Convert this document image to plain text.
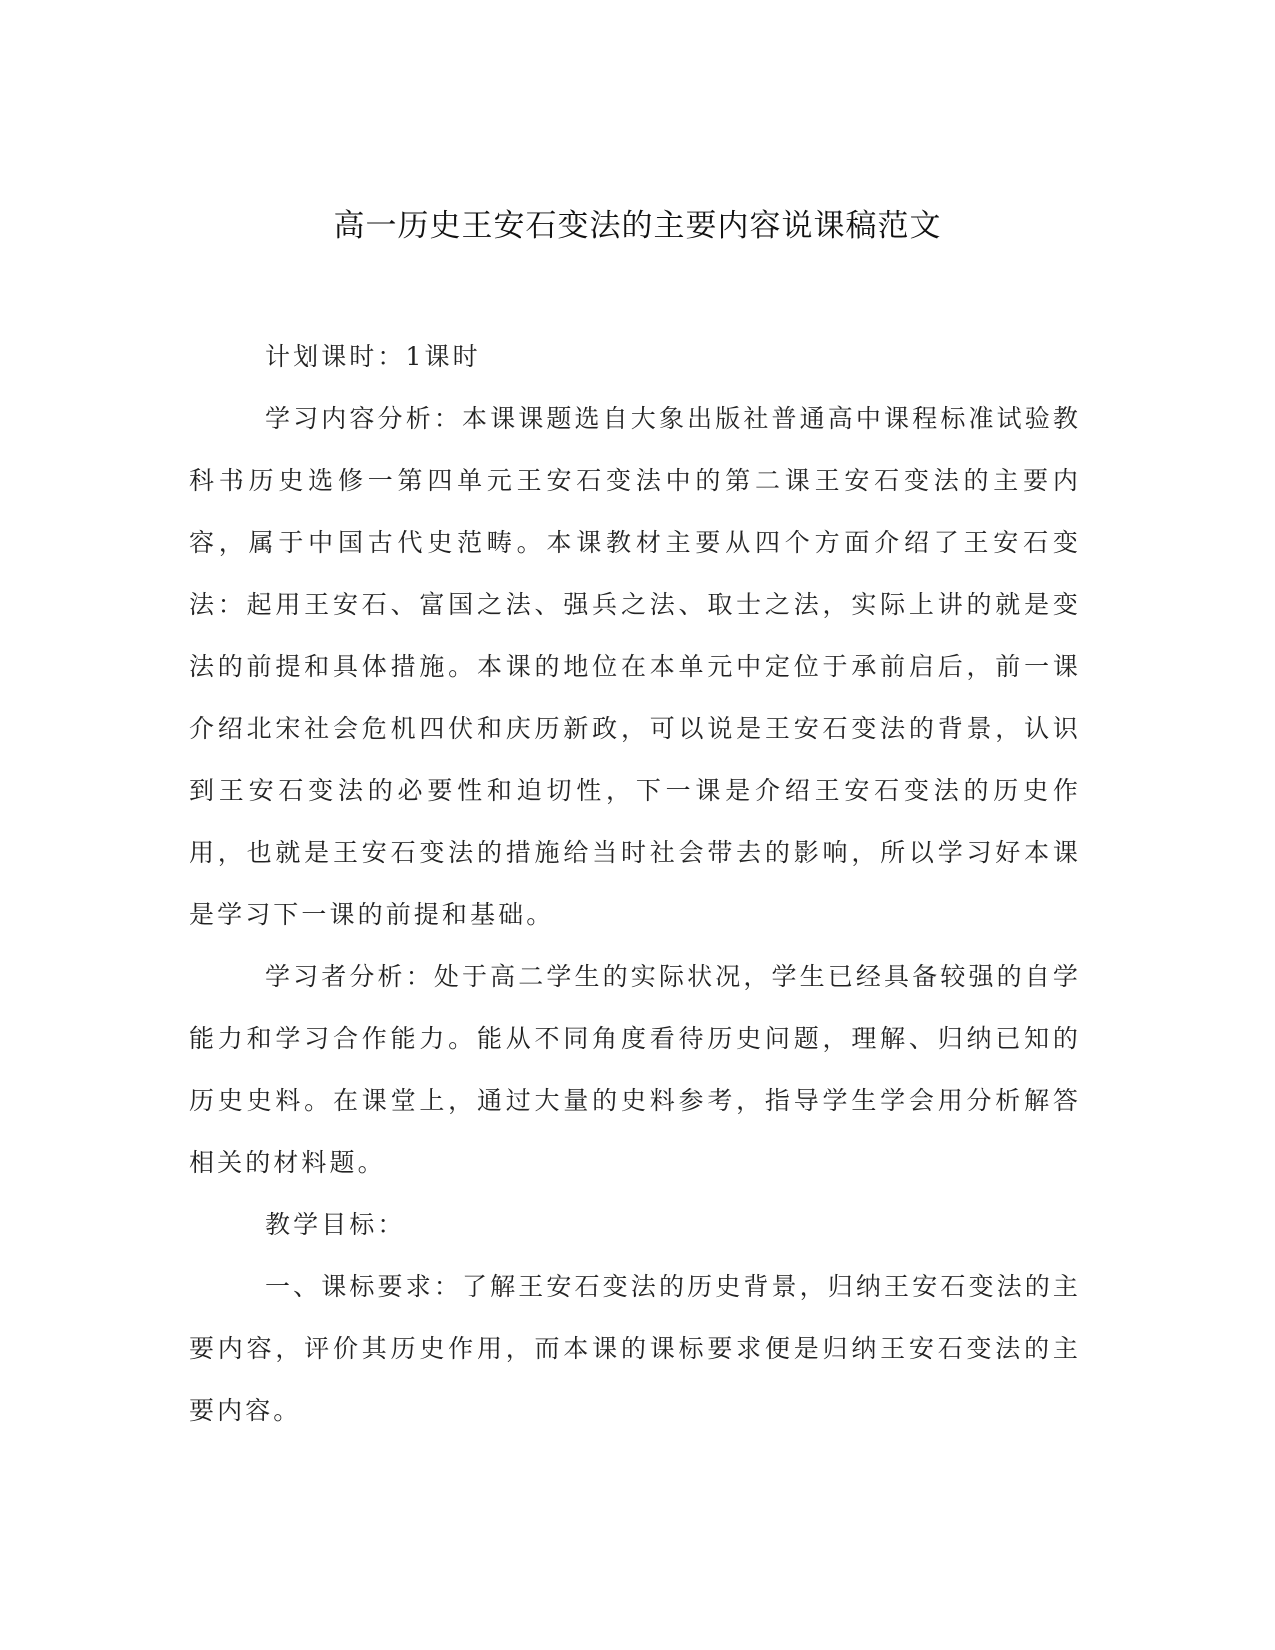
高一历史王安石变法的主要内容说课稿范文

计划课时：1课时

学习内容分析：本课课题选自大象出版社普通高中课程标准试验教科书历史选修一第四单元王安石变法中的第二课王安石变法的主要内容，属于中国古代史范畴。本课教材主要从四个方面介绍了王安石变法：起用王安石、富国之法、强兵之法、取士之法，实际上讲的就是变法的前提和具体措施。本课的地位在本单元中定位于承前启后，前一课介绍北宋社会危机四伏和庆历新政，可以说是王安石变法的背景，认识到王安石变法的必要性和迫切性，下一课是介绍王安石变法的历史作用，也就是王安石变法的措施给当时社会带去的影响，所以学习好本课是学习下一课的前提和基础。

学习者分析：处于高二学生的实际状况，学生已经具备较强的自学能力和学习合作能力。能从不同角度看待历史问题，理解、归纳已知的历史史料。在课堂上，通过大量的史料参考，指导学生学会用分析解答相关的材料题。

教学目标：

一、课标要求：了解王安石变法的历史背景，归纳王安石变法的主要内容，评价其历史作用，而本课的课标要求便是归纳王安石变法的主要内容。
